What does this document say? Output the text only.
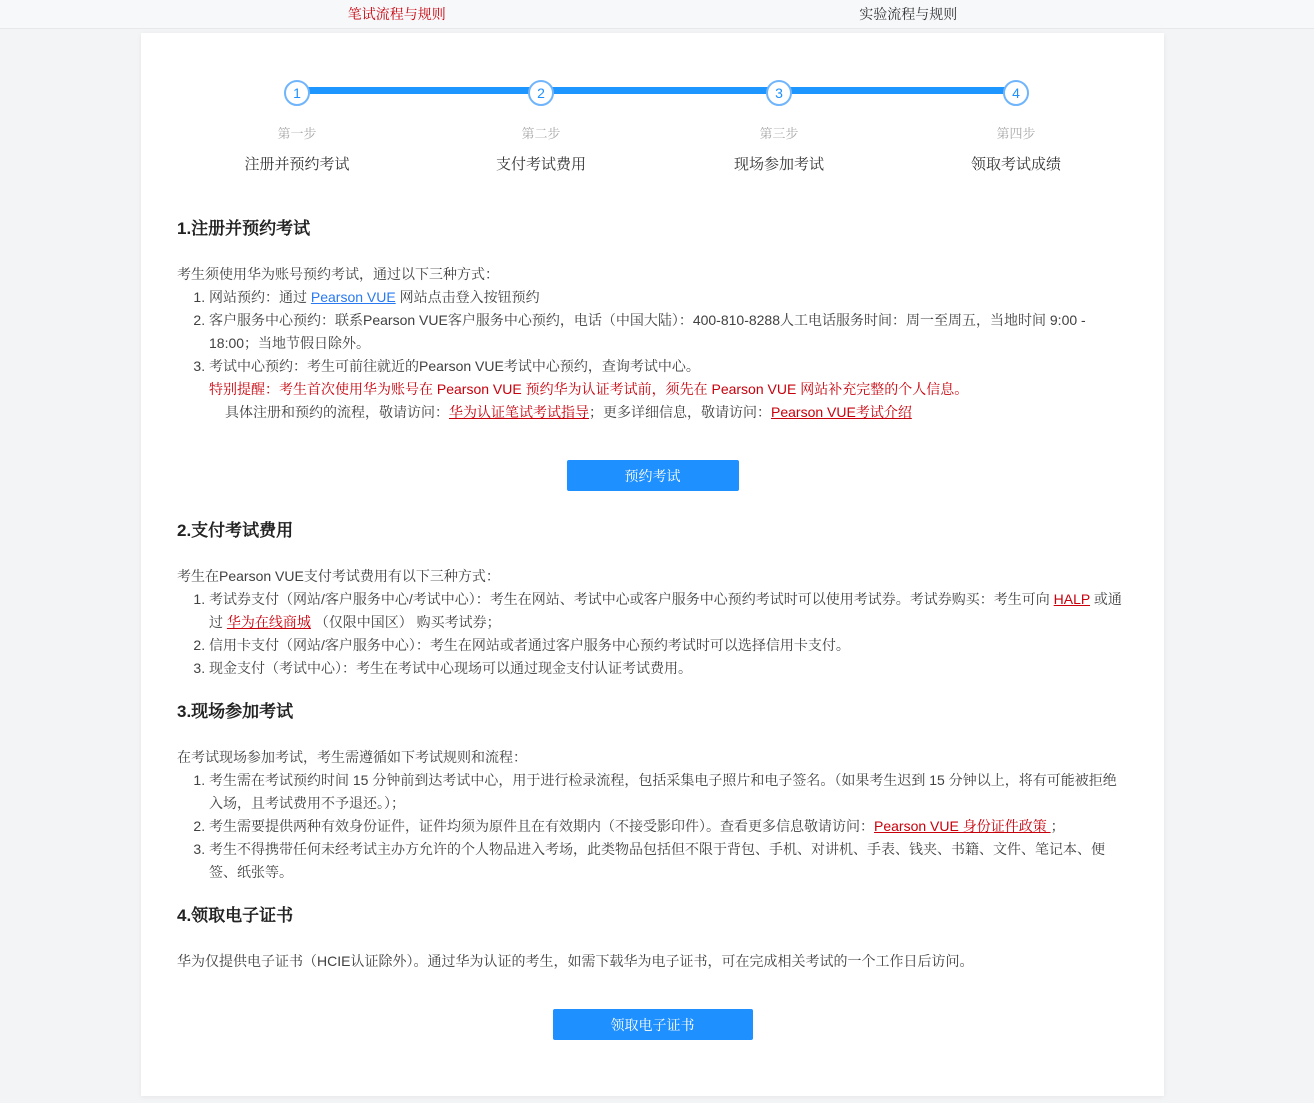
笔试流程与规则	实验流程与规则
1
第一步
注册并预约考试
2
第二步
支付考试费用
3
第三步
现场参加考试
4
第四步
领取考试成绩
1.注册并预约考试

考生须使用华为账号预约考试，通过以下三种方式：

1. 网站预约：通过 Pearson VUE 网站点击登入按钮预约
2. 客户服务中心预约：联系Pearson VUE客户服务中心预约，电话（中国大陆）：400-810-8288人工电话服务时间：周一至周五，当地时间 9:00 - 18:00；当地节假日除外。
3. 考试中心预约：考生可前往就近的Pearson VUE考试中心预约，查询考试中心。
特别提醒：考生首次使用华为账号在 Pearson VUE 预约华为认证考试前，须先在 Pearson VUE 网站补充完整的个人信息。
具体注册和预约的流程，敬请访问：华为认证笔试考试指导；更多详细信息，敬请访问：Pearson VUE考试介绍
预约考试
2.支付考试费用

考生在Pearson VUE支付考试费用有以下三种方式：

1. 考试券支付（网站/客户服务中心/考试中心）：考生在网站、考试中心或客户服务中心预约考试时可以使用考试券。考试券购买：考生可向 HALP 或通过 华为在线商城 （仅限中国区） 购买考试券；
2. 信用卡支付（网站/客户服务中心）：考生在网站或者通过客户服务中心预约考试时可以选择信用卡支付。
3. 现金支付（考试中心）：考生在考试中心现场可以通过现金支付认证考试费用。
3.现场参加考试

在考试现场参加考试，考生需遵循如下考试规则和流程：

1. 考生需在考试预约时间 15 分钟前到达考试中心，用于进行检录流程，包括采集电子照片和电子签名。（如果考生迟到 15 分钟以上，将有可能被拒绝入场，且考试费用不予退还。）；
2. 考生需要提供两种有效身份证件，证件均须为原件且在有效期内（不接受影印件）。查看更多信息敬请访问：Pearson VUE 身份证件政策 ；
3. 考生不得携带任何未经考试主办方允许的个人物品进入考场，此类物品包括但不限于背包、手机、对讲机、手表、钱夹、书籍、文件、笔记本、便签、纸张等。
4.领取电子证书

华为仅提供电子证书（HCIE认证除外）。通过华为认证的考生，如需下载华为电子证书，可在完成相关考试的一个工作日后访问。

领取电子证书
